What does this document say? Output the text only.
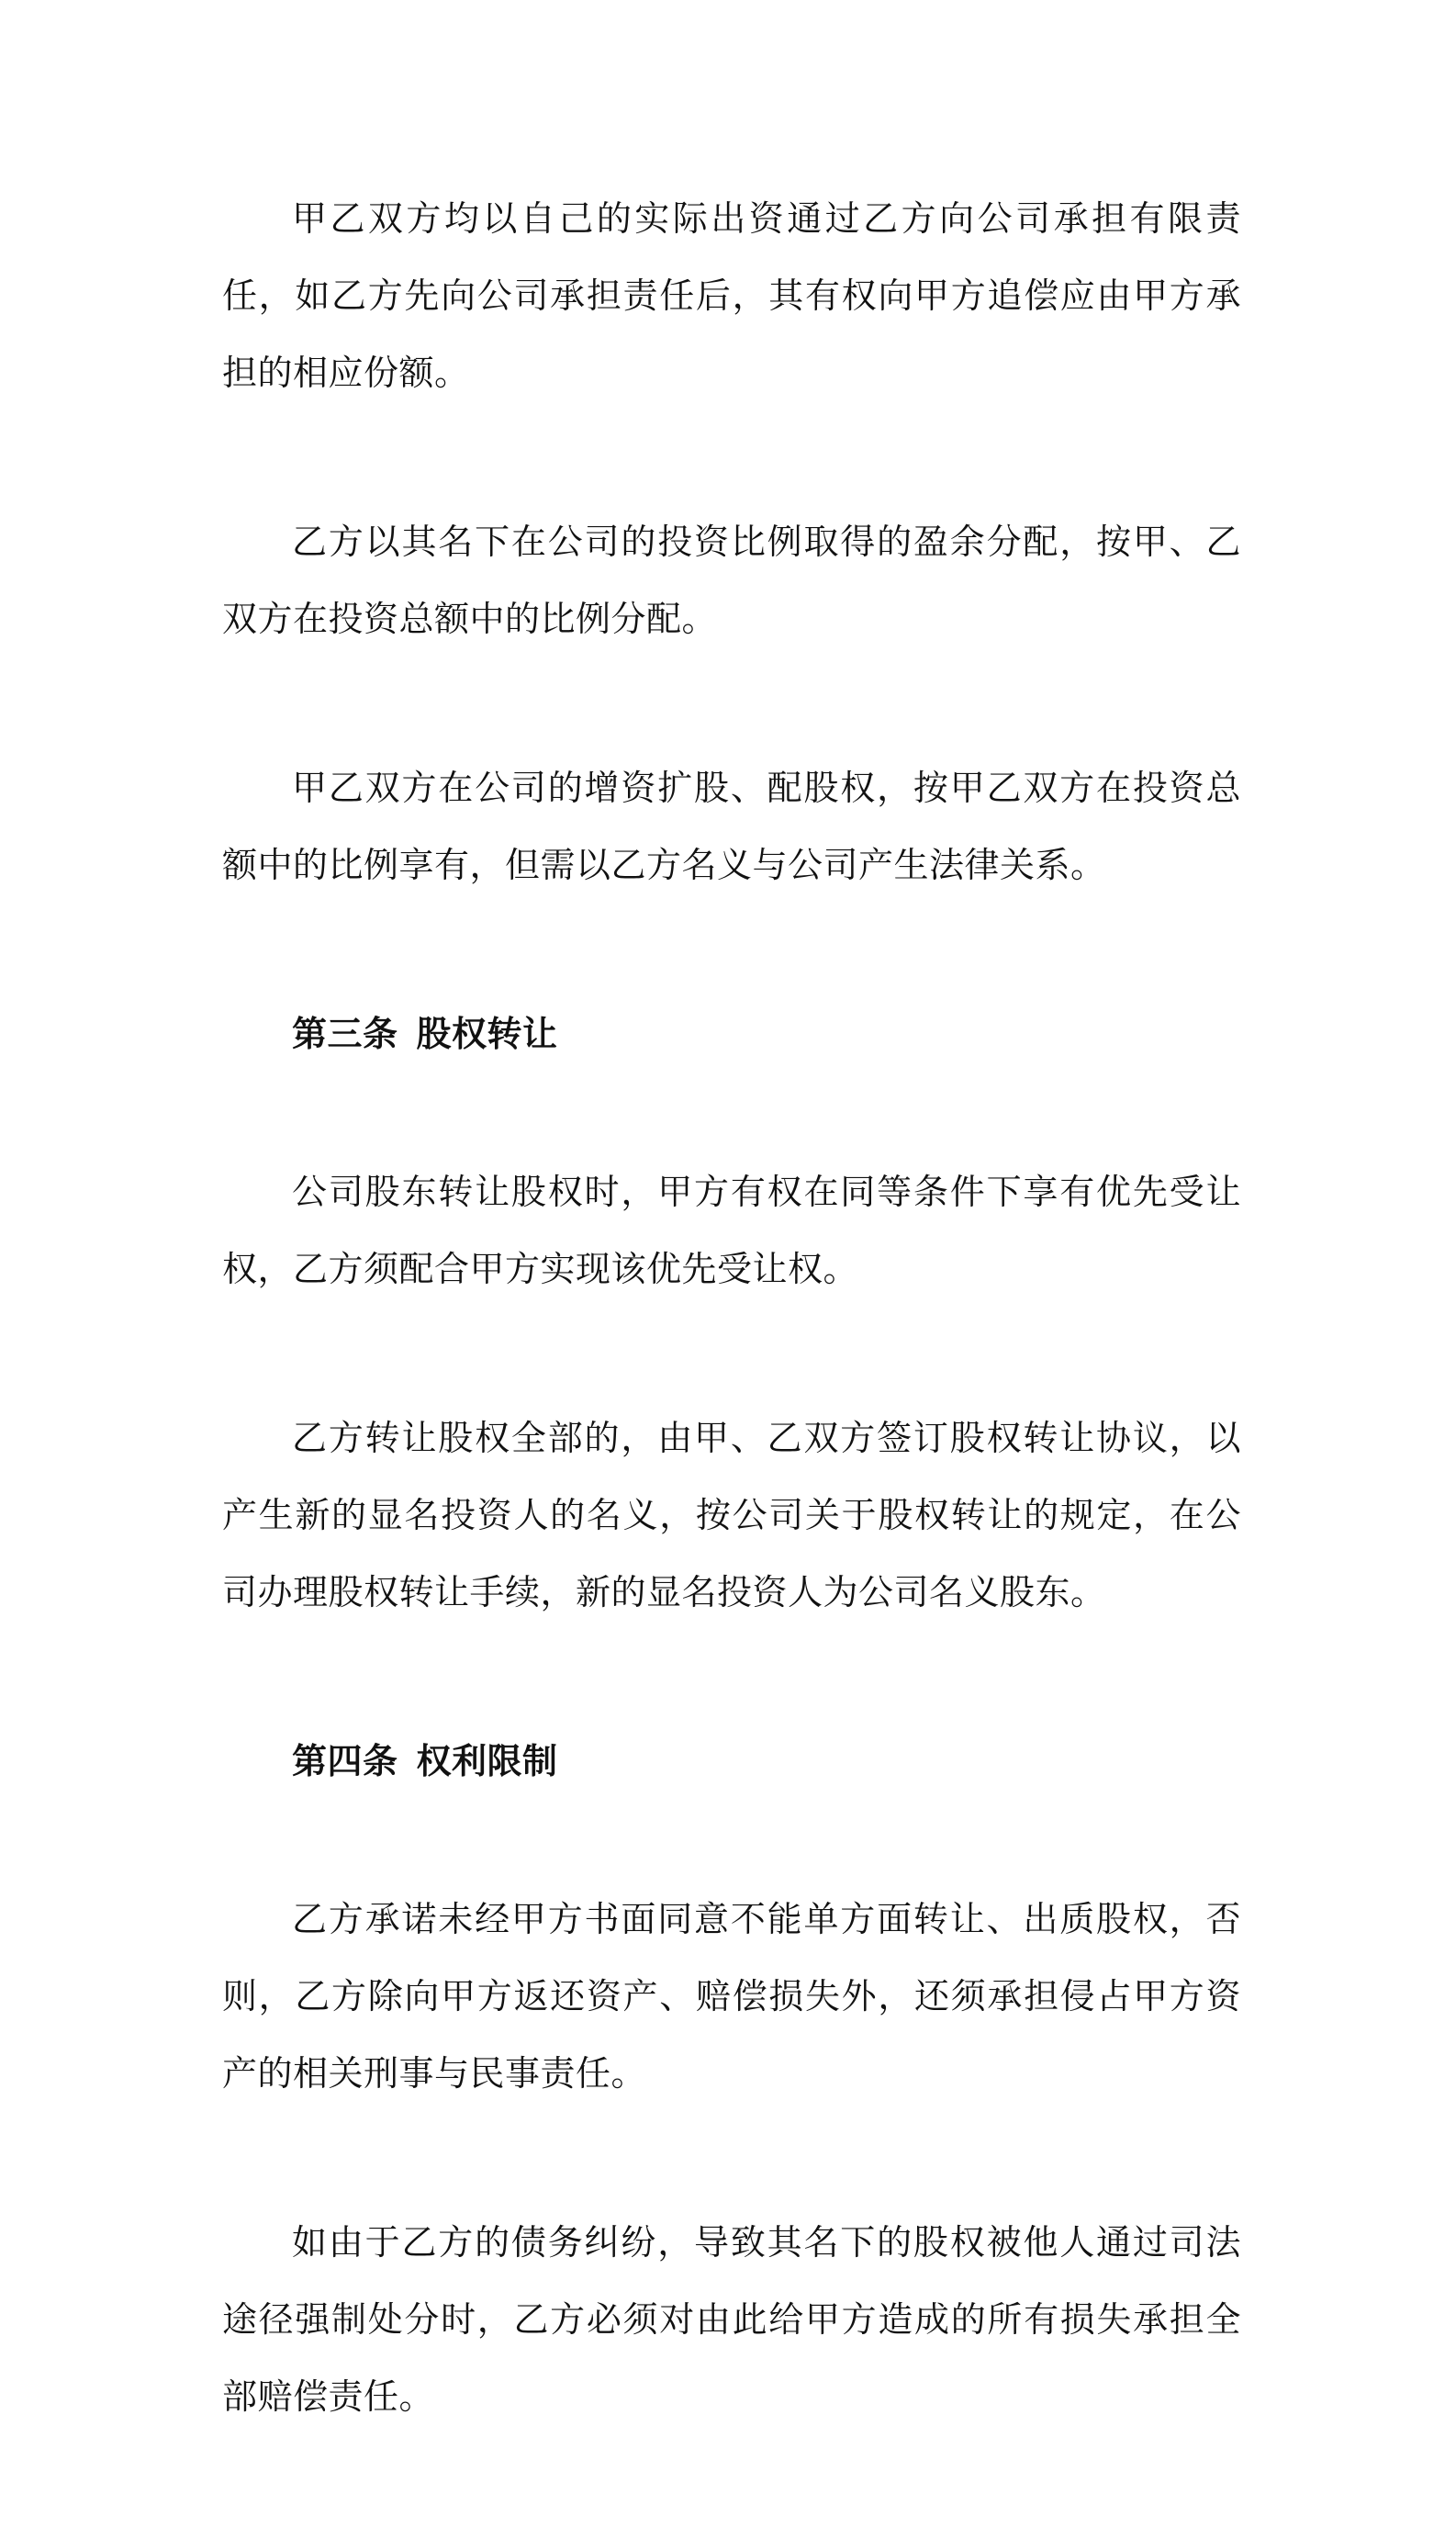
甲乙双方均以自己的实际出资通过乙方向公司承担有限责任，如乙方先向公司承担责任后，其有权向甲方追偿应由甲方承担的相应份额。

乙方以其名下在公司的投资比例取得的盈余分配，按甲、乙双方在投资总额中的比例分配。

甲乙双方在公司的增资扩股、配股权，按甲乙双方在投资总额中的比例享有，但需以乙方名义与公司产生法律关系。

第三条 股权转让

公司股东转让股权时，甲方有权在同等条件下享有优先受让权，乙方须配合甲方实现该优先受让权。

乙方转让股权全部的，由甲、乙双方签订股权转让协议，以产生新的显名投资人的名义，按公司关于股权转让的规定，在公司办理股权转让手续，新的显名投资人为公司名义股东。

第四条 权利限制

乙方承诺未经甲方书面同意不能单方面转让、出质股权，否则，乙方除向甲方返还资产、赔偿损失外，还须承担侵占甲方资产的相关刑事与民事责任。

如由于乙方的债务纠纷，导致其名下的股权被他人通过司法途径强制处分时，乙方必须对由此给甲方造成的所有损失承担全部赔偿责任。
